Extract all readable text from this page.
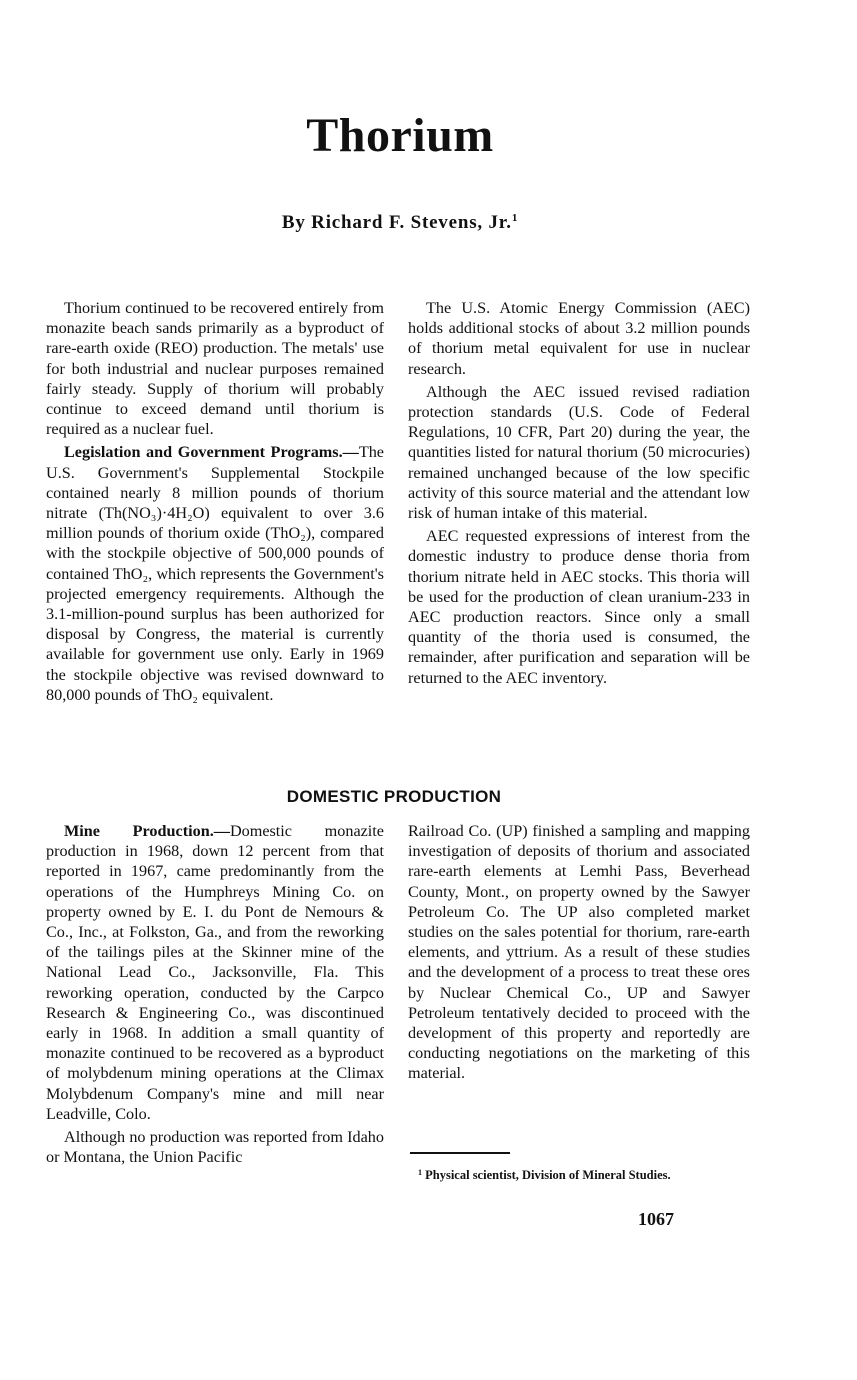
Thorium
By Richard F. Stevens, Jr.$^1$

Thorium continued to be recovered entirely from monazite beach sands primarily as a byproduct of rare-earth oxide (REO) production. The metals' use for both industrial and nuclear purposes remained fairly steady. Supply of thorium will probably continue to exceed demand until thorium is required as a nuclear fuel.

Legislation and Government Programs.—The U.S. Government's Supplemental Stockpile contained nearly 8 million pounds of thorium nitrate (Th(NO₃)·4H₂O) equivalent to over 3.6 million pounds of thorium oxide (ThO₂), compared with the stockpile objective of 500,000 pounds of contained ThO₂, which represents the Government's projected emergency requirements. Although the 3.1-million-pound surplus has been authorized for disposal by Congress, the material is currently available for government use only. Early in 1969 the stockpile objective was revised downward to 80,000 pounds of ThO₂ equivalent.

The U.S. Atomic Energy Commission (AEC) holds additional stocks of about 3.2 million pounds of thorium metal equivalent for use in nuclear research.

Although the AEC issued revised radiation protection standards (U.S. Code of Federal Regulations, 10 CFR, Part 20) during the year, the quantities listed for natural thorium (50 microcuries) remained unchanged because of the low specific activity of this source material and the attendant low risk of human intake of this material.

AEC requested expressions of interest from the domestic industry to produce dense thoria from thorium nitrate held in AEC stocks. This thoria will be used for the production of clean uranium-233 in AEC production reactors. Since only a small quantity of the thoria used is consumed, the remainder, after purification and separation will be returned to the AEC inventory.

DOMESTIC PRODUCTION

Mine Production.—Domestic monazite production in 1968, down 12 percent from that reported in 1967, came predominantly from the operations of the Humphreys Mining Co. on property owned by E. I. du Pont de Nemours & Co., Inc., at Folkston, Ga., and from the reworking of the tailings piles at the Skinner mine of the National Lead Co., Jacksonville, Fla. This reworking operation, conducted by the Carpco Research & Engineering Co., was discontinued early in 1968. In addition a small quantity of monazite continued to be recovered as a byproduct of molybdenum mining operations at the Climax Molybdenum Company's mine and mill near Leadville, Colo.

Although no production was reported from Idaho or Montana, the Union Pacific

Railroad Co. (UP) finished a sampling and mapping investigation of deposits of thorium and associated rare-earth elements at Lemhi Pass, Beverhead County, Mont., on property owned by the Sawyer Petroleum Co. The UP also completed market studies on the sales potential for thorium, rare-earth elements, and yttrium. As a result of these studies and the development of a process to treat these ores by Nuclear Chemical Co., UP and Sawyer Petroleum tentatively decided to proceed with the development of this property and reportedly are conducting negotiations on the marketing of this material.

$^1$ Physical scientist, Division of Mineral Studies.
1067
